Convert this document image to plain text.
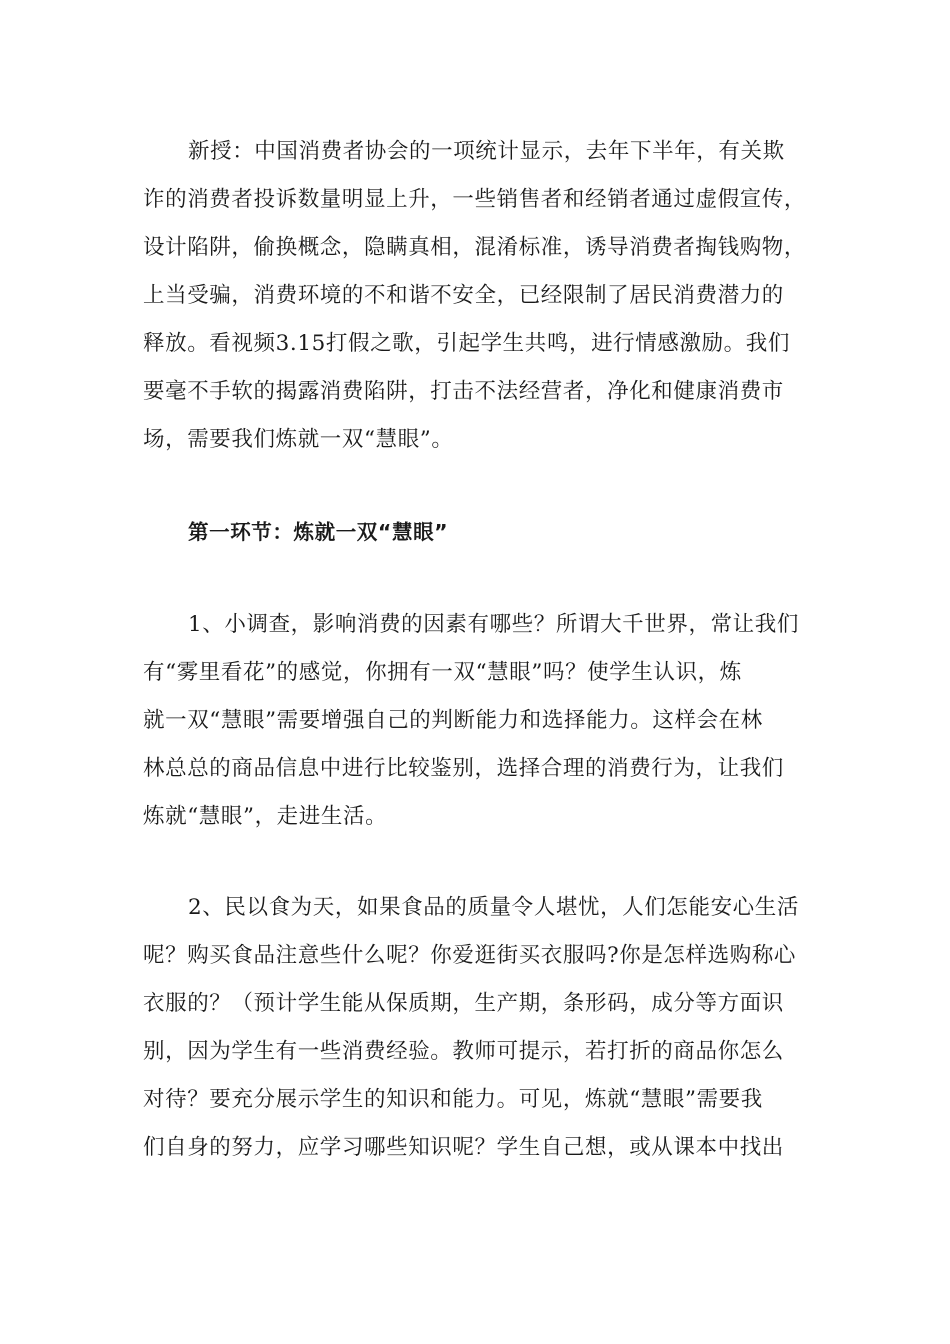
新授：中国消费者协会的一项统计显示，去年下半年，有关欺
诈的消费者投诉数量明显上升，一些销售者和经销者通过虚假宣传，
设计陷阱，偷换概念，隐瞒真相，混淆标准，诱导消费者掏钱购物，
上当受骗，消费环境的不和谐不安全，已经限制了居民消费潜力的
释放。看视频3.15打假之歌，引起学生共鸣，进行情感激励。我们
要毫不手软的揭露消费陷阱，打击不法经营者，净化和健康消费市
场，需要我们炼就一双“慧眼”。

第一环节：炼就一双“慧眼”

1、小调查，影响消费的因素有哪些？所谓大千世界，常让我们
有“雾里看花”的感觉，你拥有一双“慧眼”吗？使学生认识，炼
就一双“慧眼”需要增强自己的判断能力和选择能力。这样会在林
林总总的商品信息中进行比较鉴别，选择合理的消费行为，让我们
炼就“慧眼”，走进生活。

2、民以食为天，如果食品的质量令人堪忧，人们怎能安心生活
呢？购买食品注意些什么呢？你爱逛街买衣服吗?你是怎样选购称心
衣服的？（预计学生能从保质期，生产期，条形码，成分等方面识
别，因为学生有一些消费经验。教师可提示，若打折的商品你怎么
对待？要充分展示学生的知识和能力。可见，炼就“慧眼”需要我
们自身的努力，应学习哪些知识呢？学生自己想，或从课本中找出
